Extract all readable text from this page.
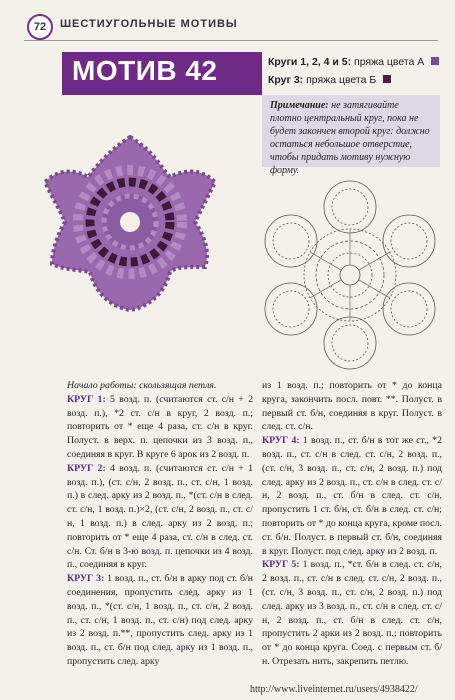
72	ШЕСТИУГОЛЬНЫЕ МОТИВЫ
МОТИВ 42	Круги 1, 2, 4 и 5: пряжа цвета А
Круг 3: пряжа цвета Б
Примечание: не затягивайте плотно центральный круг, пока не будет закончен второй круг: должно остаться небольшое отверстие, чтобы придать мотиву нужную форму.

Начало работы: скользящая петля.

КРУГ 1: 5 возд. п. (считаются ст. с/н + 2 возд. п.), *2 ст. с/н в круг, 2 возд. п.; повторить от * еще 4 раза, ст. с/н в круг. Полуст. в верх. п. цепочки из 3 возд. п., соединяя в круг. В круге 6 арок из 2 возд. п.

КРУГ 2: 4 возд. п. (считаются ст. с/н + 1 возд. п.), (ст. с/н, 2 возд. п., ст. с/н, 1 возд. п.) в след. арку из 2 возд. п., *(ст. с/н в след. ст. с/н, 1 возд. п.)×2, (ст. с/н, 2 возд. п., ст. с/н, 1 возд. п.) в след. арку из 2 возд. п.; повторить от * еще 4 раза, ст. с/н в след. ст. с/н. Ст. б/н в 3-ю возд. п. цепочки из 4 возд. п., соединяя в круг.

КРУГ 3: 1 возд. п., ст. б/н в арку под ст. б/н соединения, пропустить след. арку из 1 возд. п., *(ст. с/н, 1 возд. п., ст. с/н, 2 возд. п., ст. с/н, 1 возд. п., ст. с/н) под след. арку из 2 возд. п.**, пропустить след. арку из 1 возд. п., ст. б/н под след. арку из 1 возд. п., пропустить след. арку

из 1 возд. п.; повторить от * до конца круга, закончить посл. повт. **. Полуст. в первый ст. б/н, соединяя в круг. Полуст. в след. ст. с/н.

КРУГ 4: 1 возд. п., ст. б/н в тот же ст., *2 возд. п., ст. с/н в след. ст. с/н, 2 возд. п., (ст. с/н, 3 возд. п., ст. с/н, 2 возд. п.) под след. арку из 2 возд. п., ст. с/н в след. ст. с/н, 2 возд. п., ст. б/н в след. ст. с/н, пропустить 1 ст. б/н, ст. б/н в след. ст. с/н; повторить от * до конца круга, кроме посл. ст. б/н. Полуст. в первый ст. б/н, соединяя в круг. Полуст. под след. арку из 2 возд. п.

КРУГ 5: 1 возд. п., *ст. б/н в след. ст. с/н, 2 возд. п., ст. с/н в след. ст. с/н, 2 возд. п., (ст. с/н, 3 возд. п., ст. с/н, 2 возд. п.) под след. арку из 3 возд. п., ст. с/н в след. ст. с/н, 2 возд. п., ст. б/н в след. ст. с/н, пропустить 2 арки из 2 возд. п.; повторить от * до конца круга. Соед. с первым ст. б/н. Отрезать нить, закрепить петлю.

http://www.liveinternet.ru/users/4938422/
